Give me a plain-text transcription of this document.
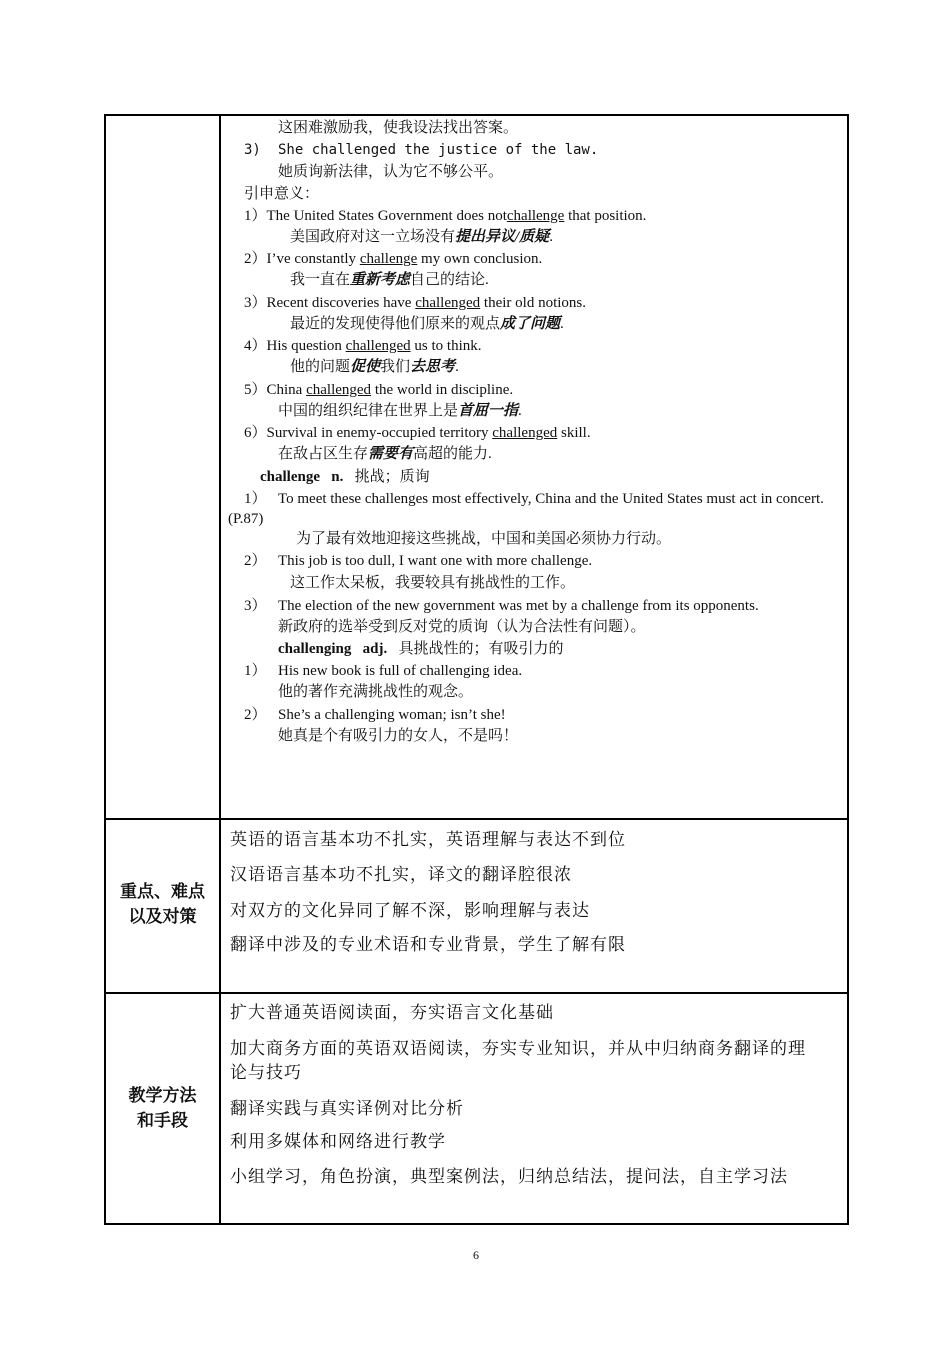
这困难激励我，使我设法找出答案。
3) She challenged the justice of the law.
她质询新法律，认为它不够公平。
引申意义：
1）The United States Government does notchallenge that position.
美国政府对这一立场没有提出异议/质疑.
2）I’ve constantly challenge my own conclusion.
我一直在重新考虑自己的结论.
3）Recent discoveries have challenged their old notions.
最近的发现使得他们原来的观点成了问题.
4）His question challenged us to think.
他的问题促使我们去思考.
5）China challenged the world in discipline.
中国的组织纪律在世界上是首屈一指.
6）Survival in enemy-occupied territory challenged skill.
在敌占区生存需要有高超的能力.
challenge n. 挑战；质询
1） To meet these challenges most effectively, China and the United States must act in concert.(P.87)
为了最有效地迎接这些挑战，中国和美国必须协力行动。
2） This job is too dull, I want one with more challenge.
这工作太呆板，我要较具有挑战性的工作。
3） The election of the new government was met by a challenge from its opponents.
新政府的选举受到反对党的质询（认为合法性有问题）。
challenging adj. 具挑战性的；有吸引力的
1） His new book is full of challenging idea.
他的著作充满挑战性的观念。
2） She’s a challenging woman; isn’t she!
她真是个有吸引力的女人，不是吗！
重点、难点
以及对策
英语的语言基本功不扎实，英语理解与表达不到位
汉语语言基本功不扎实，译文的翻译腔很浓
对双方的文化异同了解不深，影响理解与表达
翻译中涉及的专业术语和专业背景，学生了解有限
教学方法
和手段
扩大普通英语阅读面，夯实语言文化基础
加大商务方面的英语双语阅读，夯实专业知识，并从中归纳商务翻译的理
论与技巧
翻译实践与真实译例对比分析
利用多媒体和网络进行教学
小组学习，角色扮演，典型案例法，归纳总结法，提问法，自主学习法
6
